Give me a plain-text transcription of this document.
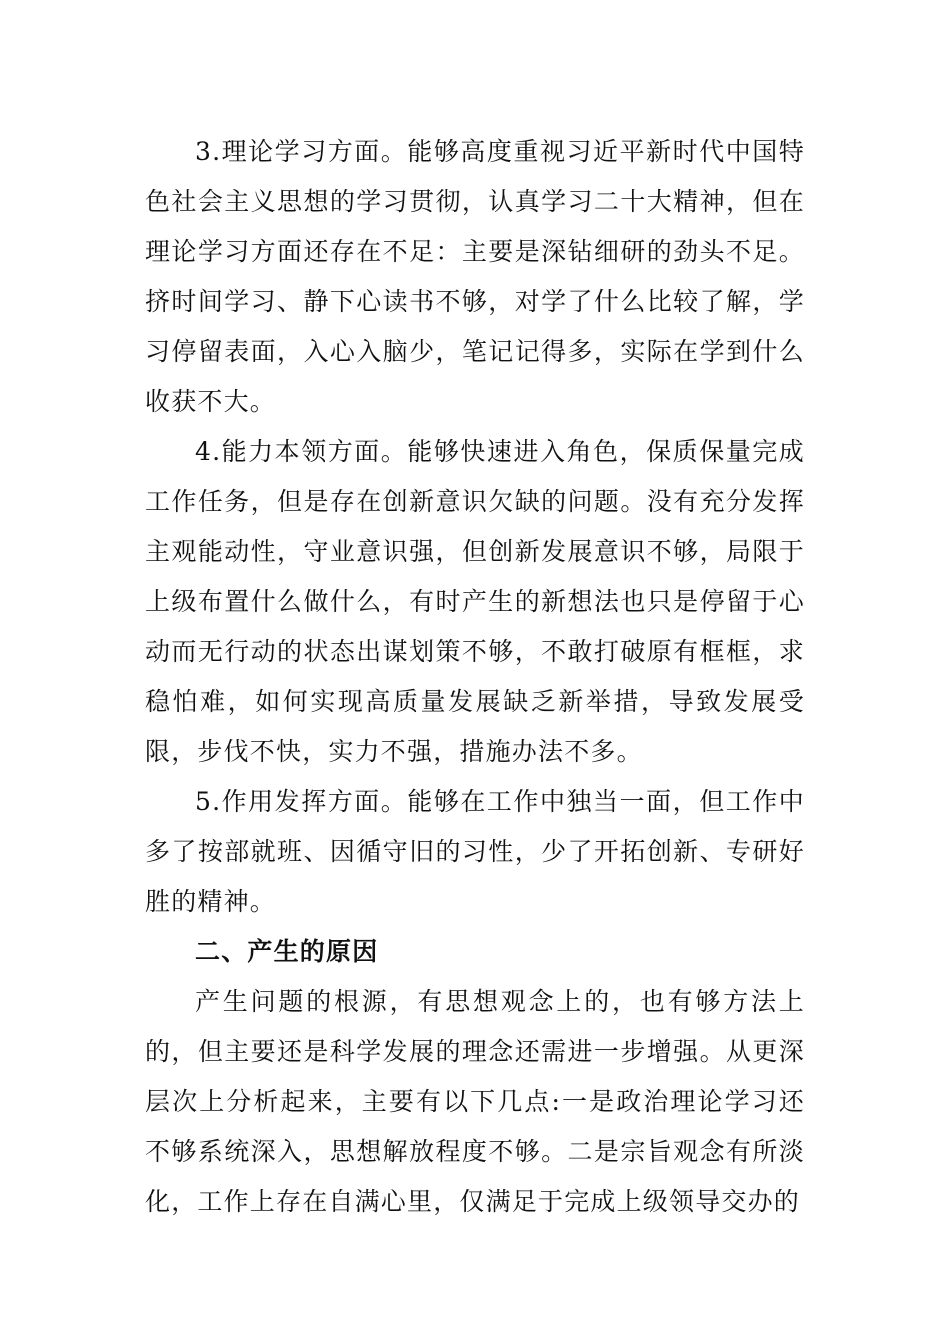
3.理论学习方面。能够高度重视习近平新时代中国特色社会主义思想的学习贯彻，认真学习二十大精神，但在理论学习方面还存在不足：主要是深钻细研的劲头不足。挤时间学习、静下心读书不够，对学了什么比较了解，学习停留表面，入心入脑少，笔记记得多，实际在学到什么收获不大。

4.能力本领方面。能够快速进入角色，保质保量完成工作任务，但是存在创新意识欠缺的问题。没有充分发挥主观能动性，守业意识强，但创新发展意识不够，局限于上级布置什么做什么，有时产生的新想法也只是停留于心动而无行动的状态出谋划策不够，不敢打破原有框框，求稳怕难，如何实现高质量发展缺乏新举措，导致发展受限，步伐不快，实力不强，措施办法不多。

5.作用发挥方面。能够在工作中独当一面，但工作中多了按部就班、因循守旧的习性，少了开拓创新、专研好胜的精神。

二、产生的原因

产生问题的根源，有思想观念上的，也有够方法上的，但主要还是科学发展的理念还需进一步增强。从更深层次上分析起来，主要有以下几点:一是政治理论学习还不够系统深入，思想解放程度不够。二是宗旨观念有所淡化，工作上存在自满心里，仅满足于完成上级领导交办的
